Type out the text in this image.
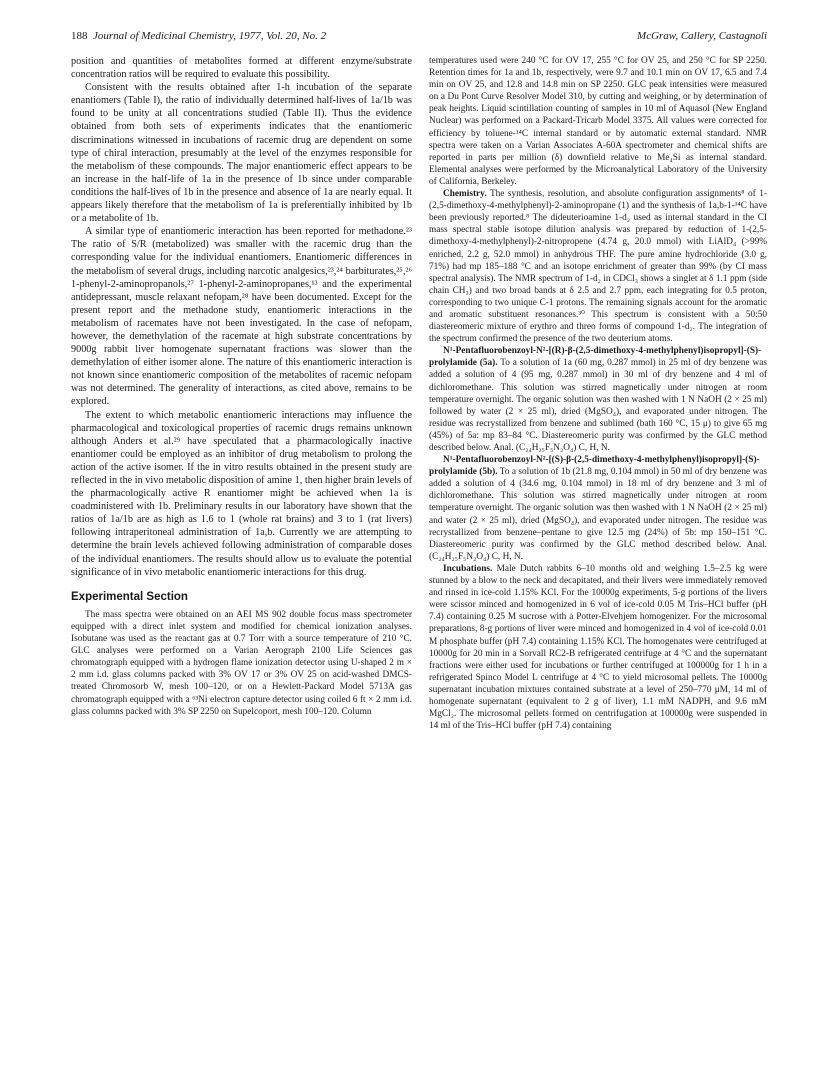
188 Journal of Medicinal Chemistry, 1977, Vol. 20, No. 2	McGraw, Callery, Castagnoli

position and quantities of metabolites formed at different enzyme/substrate concentration ratios will be required to evaluate this possibility.

Consistent with the results obtained after 1-h incubation of the separate enantiomers (Table I), the ratio of individually determined half-lives of 1a/1b was found to be unity at all concentrations studied (Table II). Thus the evidence obtained from both sets of experiments indicates that the enantiomeric discriminations witnessed in incubations of racemic drug are dependent on some type of chiral interaction, presumably at the level of the enzymes responsible for the metabolism of these compounds. The major enantiomeric effect appears to be an increase in the half-life of 1a in the presence of 1b since under comparable conditions the half-lives of 1b in the presence and absence of 1a are nearly equal. It appears likely therefore that the metabolism of 1a is preferentially inhibited by 1b or a metabolite of 1b.

A similar type of enantiomeric interaction has been reported for methadone.²³ The ratio of S/R (metabolized) was smaller with the racemic drug than the corresponding value for the individual enantiomers. Enantiomeric differences in the metabolism of several drugs, including narcotic analgesics,²³,²⁴ barbiturates,²⁵,²⁶ 1-phenyl-2-aminopropanols,²⁷ 1-phenyl-2-aminopropanes,¹³ and the experimental antidepressant, muscle relaxant nefopam,²⁸ have been documented. Except for the present report and the methadone study, enantiomeric interactions in the metabolism of racemates have not been investigated. In the case of nefopam, however, the demethylation of the racemate at high substrate concentrations by 9000g rabbit liver homogenate supernatant fractions was slower than the demethylation of either isomer alone. The nature of this enantiomeric interaction is not known since enantiomeric composition of the metabolites of racemic nefopam was not determined. The generality of interactions, as cited above, remains to be explored.

The extent to which metabolic enantiomeric interactions may influence the pharmacological and toxicological properties of racemic drugs remains unknown although Anders et al.²⁹ have speculated that a pharmacologically inactive enantiomer could be employed as an inhibitor of drug metabolism to prolong the action of the active isomer. If the in vitro results obtained in the present study are reflected in the in vivo metabolic disposition of amine 1, then higher brain levels of the pharmacologically active R enantiomer might be achieved when 1a is coadministered with 1b. Preliminary results in our laboratory have shown that the ratios of 1a/1b are as high as 1.6 to 1 (whole rat brains) and 3 to 1 (rat livers) following intraperitoneal administration of 1a,b. Currently we are attempting to determine the brain levels achieved following administration of comparable doses of the individual enantiomers. The results should allow us to evaluate the potential significance of in vivo metabolic enantiomeric interactions for this drug.

Experimental Section

The mass spectra were obtained on an AEI MS 902 double focus mass spectrometer equipped with a direct inlet system and modified for chemical ionization analyses. Isobutane was used as the reactant gas at 0.7 Torr with a source temperature of 210 °C. GLC analyses were performed on a Varian Aerograph 2100 Life Sciences gas chromatograph equipped with a hydrogen flame ionization detector using U-shaped 2 m × 2 mm i.d. glass columns packed with 3% OV 17 or 3% OV 25 on acid-washed DMCS-treated Chromosorb W, mesh 100–120, or on a Hewlett-Packard Model 5713A gas chromatograph equipped with a ⁶³Ni electron capture detector using coiled 6 ft × 2 mm i.d. glass columns packed with 3% SP 2250 on Supelcoport, mesh 100–120. Column

temperatures used were 240 °C for OV 17, 255 °C for OV 25, and 250 °C for SP 2250. Retention times for 1a and 1b, respectively, were 9.7 and 10.1 min on OV 17, 6.5 and 7.4 min on OV 25, and 12.8 and 14.8 min on SP 2250. GLC peak intensities were measured on a Du Pont Curve Resolver Model 310, by cutting and weighing, or by determination of peak heights. Liquid scintillation counting of samples in 10 ml of Aquasol (New England Nuclear) was performed on a Packard-Tricarb Model 3375. All values were corrected for efficiency by toluene-¹⁴C internal standard or by automatic external standard. NMR spectra were taken on a Varian Associates A-60A spectrometer and chemical shifts are reported in parts per million (δ) downfield relative to Me₄Si as internal standard. Elemental analyses were performed by the Microanalytical Laboratory of the University of California, Berkeley.

Chemistry. The synthesis, resolution, and absolute configuration assignments⁸ of 1-(2,5-dimethoxy-4-methylphenyl)-2-aminopropane (1) and the synthesis of 1a,b-1-¹⁴C have been previously reported.⁸ The dideuterioamine 1-d₂ used as internal standard in the CI mass spectral stable isotope dilution analysis was prepared by reduction of 1-(2,5-dimethoxy-4-methylphenyl)-2-nitropropene (4.74 g, 20.0 mmol) with LiAlD₄ (>99% enriched, 2.2 g, 52.0 mmol) in anhydrous THF. The pure amine hydrochloride (3.0 g, 71%) had mp 185–188 °C and an isotope enrichment of greater than 99% (by CI mass spectral analysis). The NMR spectrum of 1-d₂ in CDCl₃ shows a singlet at δ 1.1 ppm (side chain CH₃) and two broad bands at δ 2.5 and 2.7 ppm, each integrating for 0.5 proton, corresponding to two unique C-1 protons. The remaining signals account for the aromatic and aromatic substituent resonances.³⁰ This spectrum is consistent with a 50:50 diastereomeric mixture of erythro and threo forms of compound 1-d₂. The integration of the spectrum confirmed the presence of the two deuterium atoms.

N¹-Pentafluorobenzoyl-N²-[(R)-β-(2,5-dimethoxy-4-methylphenyl)isopropyl]-(S)-prolylamide (5a). To a solution of 1a (60 mg, 0.287 mmol) in 25 ml of dry benzene was added a solution of 4 (95 mg, 0.287 mmol) in 30 ml of dry benzene and 4 ml of dichloromethane. This solution was stirred magnetically under nitrogen at room temperature overnight. The organic solution was then washed with 1 N NaOH (2 × 25 ml) followed by water (2 × 25 ml), dried (MgSO₄), and evaporated under nitrogen. The residue was recrystallized from benzene and sublimed (bath 160 °C, 15 μ) to give 65 mg (45%) of 5a: mp 83–84 °C. Diastereomeric purity was confirmed by the GLC method described below. Anal. (C₂₄H₂₅F₅N₂O₄) C, H, N.

N¹-Pentafluorobenzoyl-N²-[(S)-β-(2,5-dimethoxy-4-methylphenyl)isopropyl]-(S)-prolylamide (5b). To a solution of 1b (21.8 mg, 0.104 mmol) in 50 ml of dry benzene was added a solution of 4 (34.6 mg, 0.104 mmol) in 18 ml of dry benzene and 3 ml of dichloromethane. This solution was stirred magnetically under nitrogen at room temperature overnight. The organic solution was then washed with 1 N NaOH (2 × 25 ml) and water (2 × 25 ml), dried (MgSO₄), and evaporated under nitrogen. The residue was recrystallized from benzene–pentane to give 12.5 mg (24%) of 5b: mp 150–151 °C. Diastereomeric purity was confirmed by the GLC method described below. Anal. (C₂₄H₂₅F₅N₂O₄) C, H, N.

Incubations. Male Dutch rabbits 6–10 months old and weighing 1.5–2.5 kg were stunned by a blow to the neck and decapitated, and their livers were immediately removed and rinsed in ice-cold 1.15% KCl. For the 10000g experiments, 5-g portions of the livers were scissor minced and homogenized in 6 vol of ice-cold 0.05 M Tris–HCl buffer (pH 7.4) containing 0.25 M sucrose with a Potter-Elvehjem homogenizer. For the microsomal preparations, 8-g portions of liver were minced and homogenized in 4 vol of ice-cold 0.01 M phosphate buffer (pH 7.4) containing 1.15% KCl. The homogenates were centrifuged at 10000g for 20 min in a Sorvall RC2-B refrigerated centrifuge at 4 °C and the supernatant fractions were either used for incubations or further centrifuged at 100000g for 1 h in a refrigerated Spinco Model L centrifuge at 4 °C to yield microsomal pellets. The 10000g supernatant incubation mixtures contained substrate at a level of 250–770 μM, 14 ml of homogenate supernatant (equivalent to 2 g of liver), 1.1 mM NADPH, and 9.6 mM MgCl₂. The microsomal pellets formed on centrifugation at 100000g were suspended in 14 ml of the Tris–HCl buffer (pH 7.4) containing
